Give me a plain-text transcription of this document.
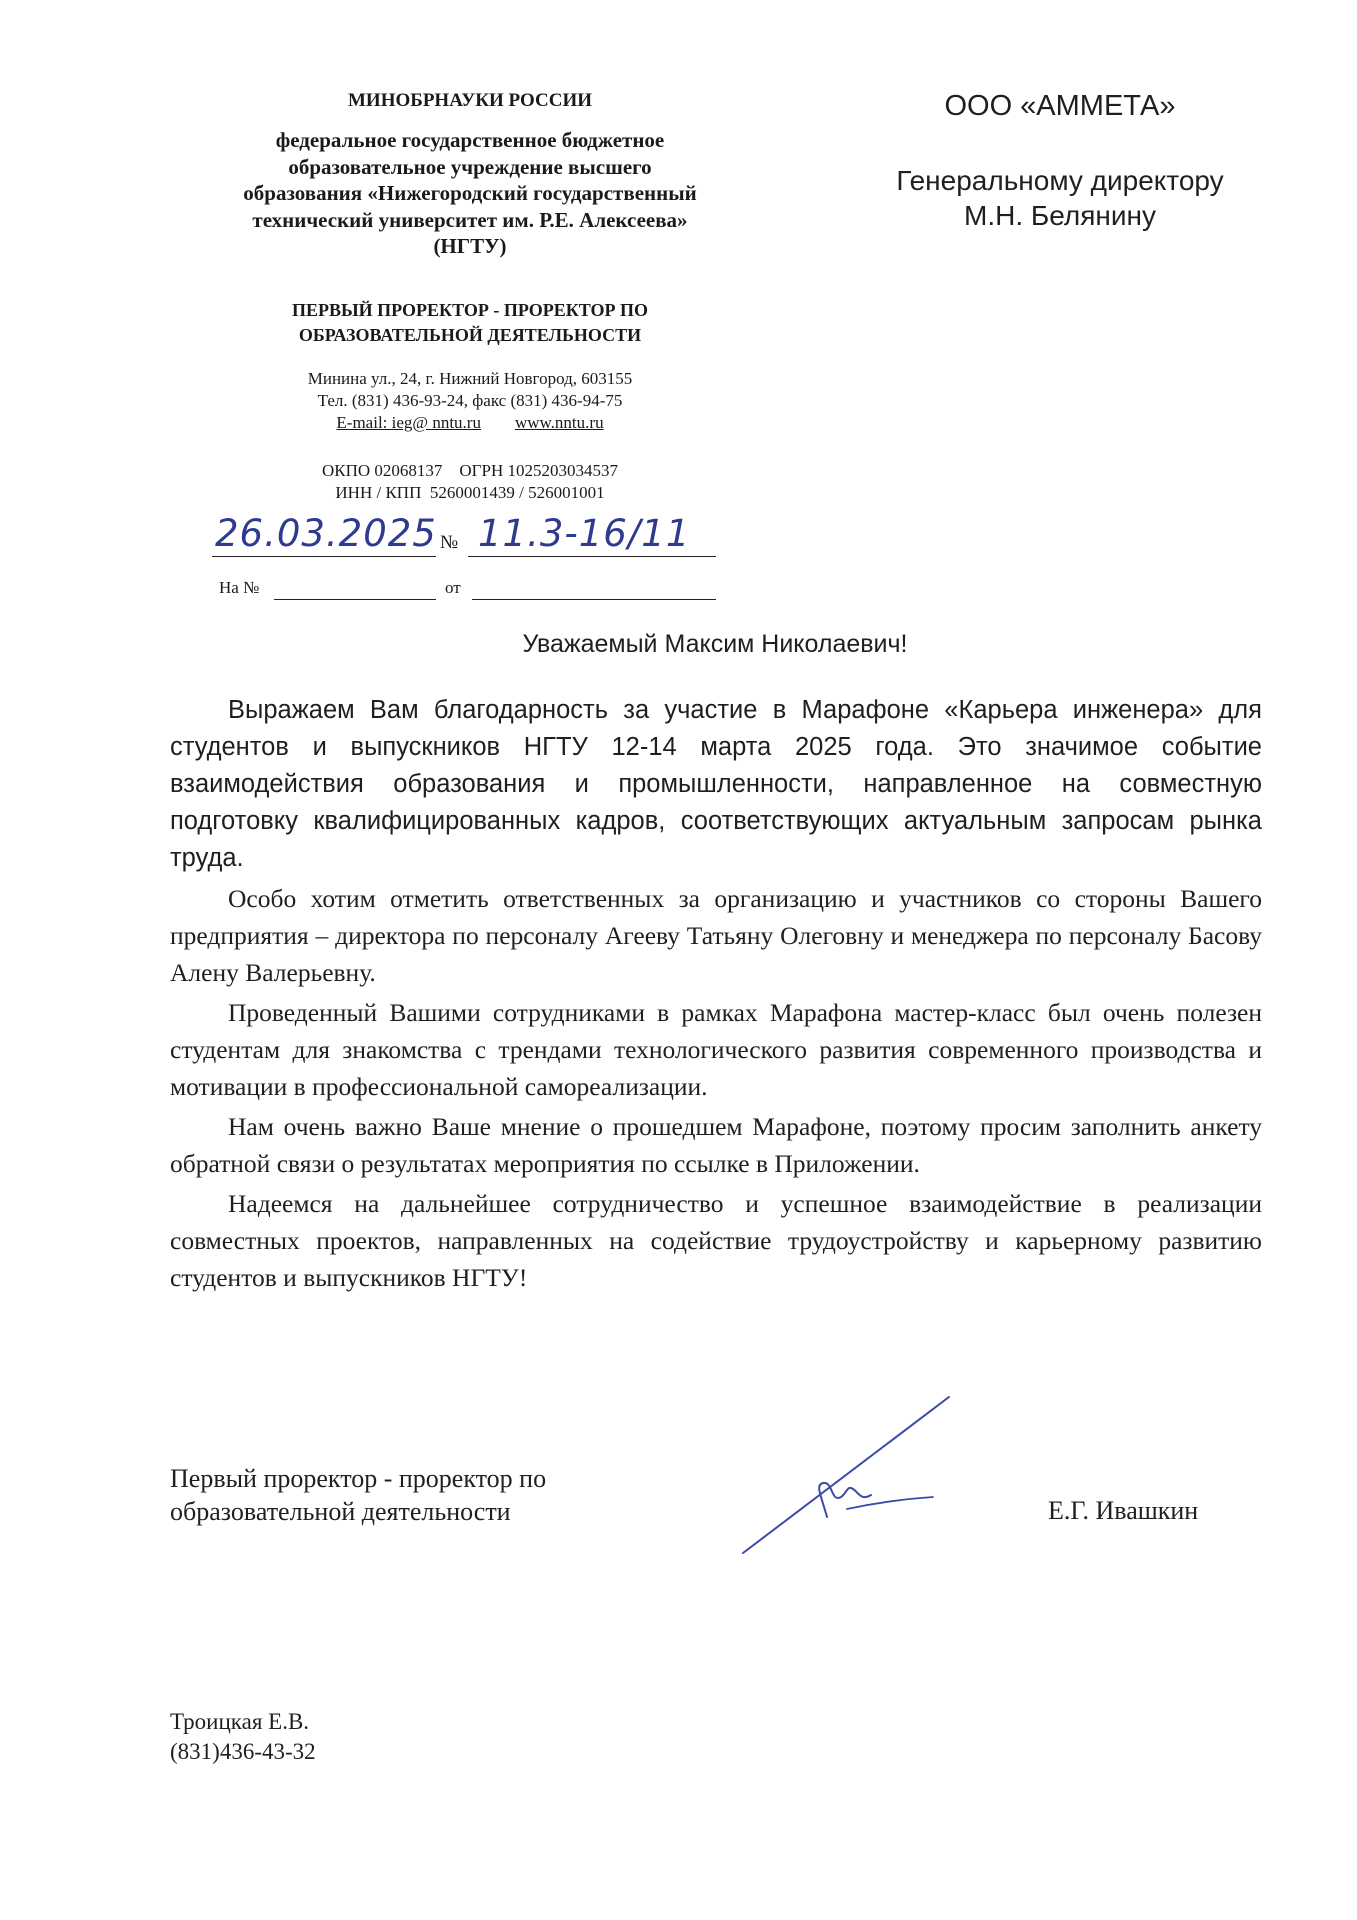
МИНОБРНАУКИ РОССИИ
федеральное государственное бюджетное
образовательное учреждение высшего
образования «Нижегородский государственный
технический университет им. Р.Е. Алексеева»
(НГТУ)
ПЕРВЫЙ ПРОРЕКТОР - ПРОРЕКТОР ПО
ОБРАЗОВАТЕЛЬНОЙ ДЕЯТЕЛЬНОСТИ
Минина ул., 24, г. Нижний Новгород, 603155
Тел. (831) 436-93-24, факс (831) 436-94-75
E-mail: ieg@ nntu.ru www.nntu.ru
ОКПО 02068137    ОГРН 1025203034537
ИНН / КПП  5260001439 / 526001001
26.03.2025 № 11.3-16/11
На №	от
ООО «АММЕТА»
Генеральному директору
М.Н. Белянину
Уважаемый Максим Николаевич!

Выражаем Вам благодарность за участие в Марафоне «Карьера инженера» для студентов и выпускников НГТУ 12-14 марта 2025 года. Это значимое событие взаимодействия образования и промышленности, направленное на совместную подготовку квалифицированных кадров, соответствующих актуальным запросам рынка труда.

Особо хотим отметить ответственных за организацию и участников со стороны Вашего предприятия – директора по персоналу Агееву Татьяну Олеговну и менеджера по персоналу Басову Алену Валерьевну.

Проведенный Вашими сотрудниками в рамках Марафона мастер-класс был очень полезен студентам для знакомства с трендами технологического развития современного производства и мотивации в профессиональной самореализации.

Нам очень важно Ваше мнение о прошедшем Марафоне, поэтому просим заполнить анкету обратной связи о результатах мероприятия по ссылке в Приложении.

Надеемся на дальнейшее сотрудничество и успешное взаимодействие в реализации совместных проектов, направленных на содействие трудоустройству и карьерному развитию студентов и выпускников НГТУ!

Первый проректор - проректор по
образовательной деятельности	Е.Г. Ивашкин
Троицкая Е.В.
(831)436-43-32
